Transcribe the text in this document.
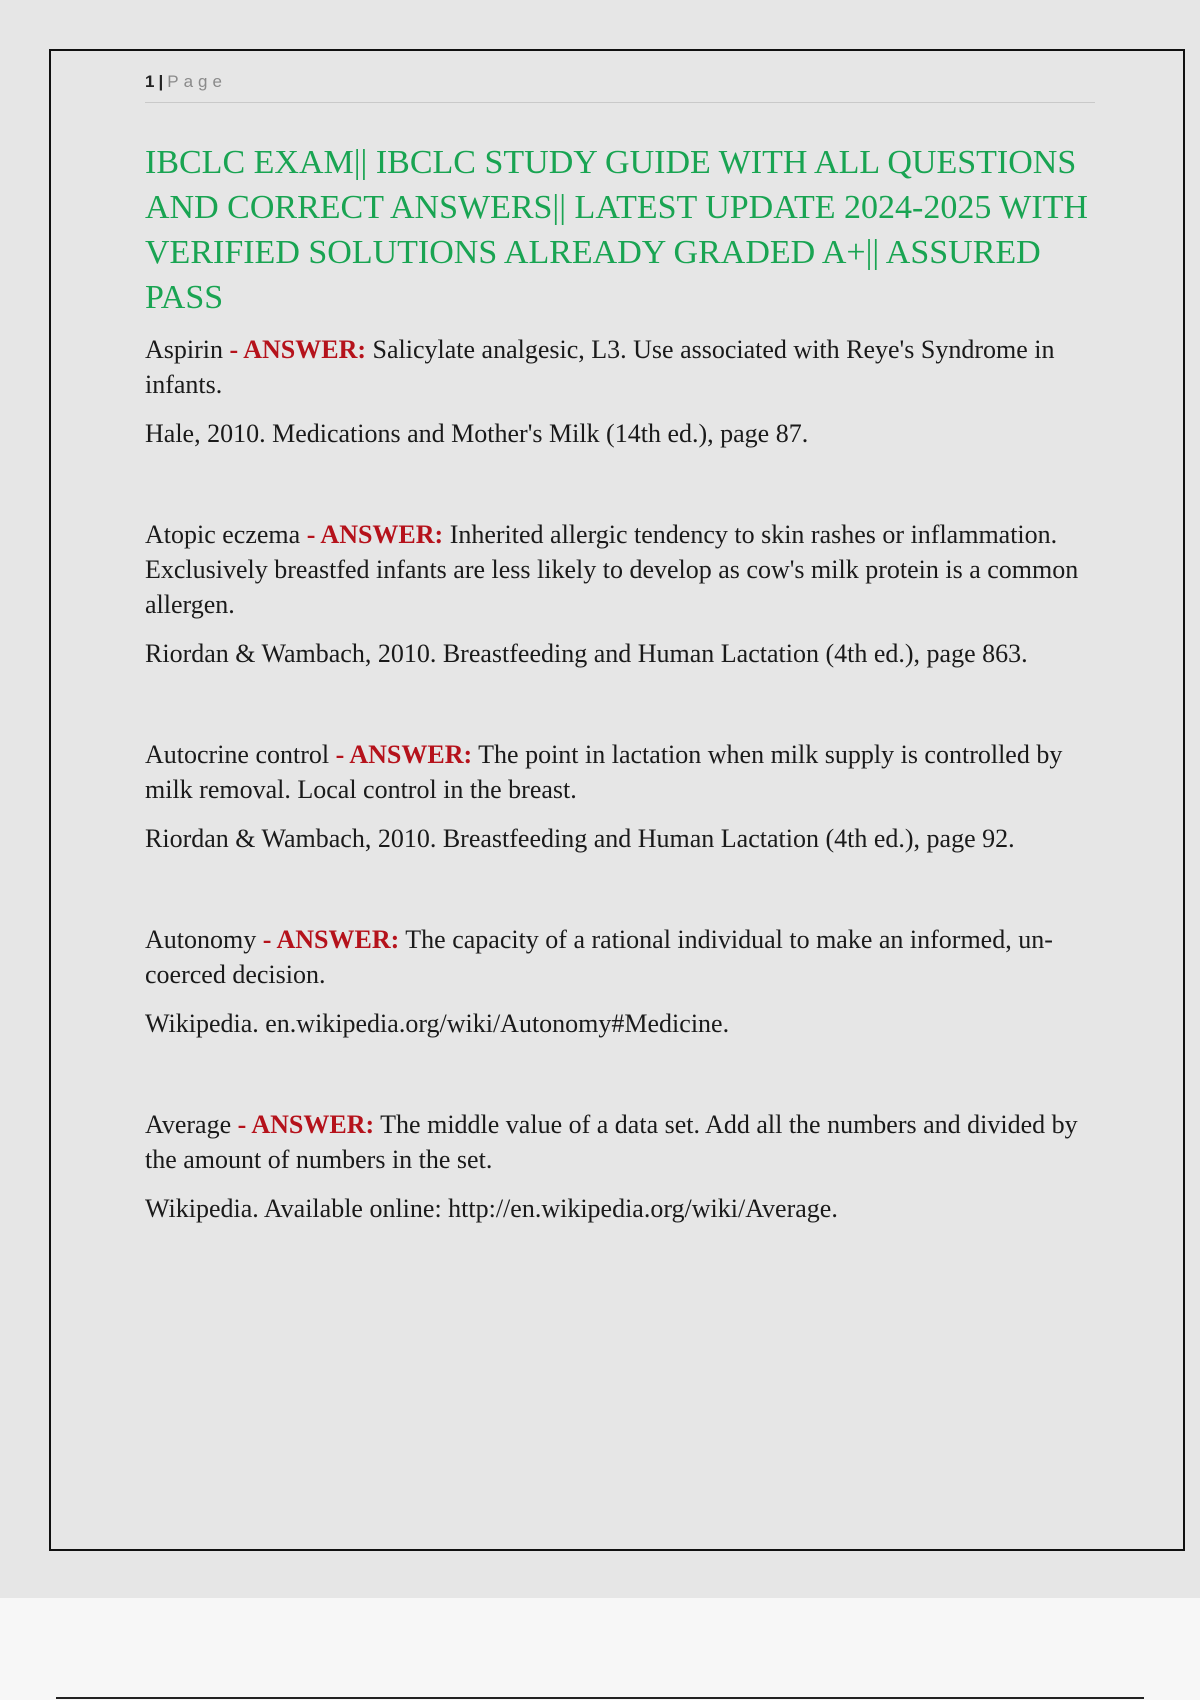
1 | Page
IBCLC EXAM|| IBCLC STUDY GUIDE WITH ALL QUESTIONS AND CORRECT ANSWERS|| LATEST UPDATE 2024-2025 WITH VERIFIED SOLUTIONS ALREADY GRADED A+|| ASSURED PASS

Aspirin - ANSWER: Salicylate analgesic, L3. Use associated with Reye's Syndrome in infants.

Hale, 2010. Medications and Mother's Milk (14th ed.), page 87.

Atopic eczema - ANSWER: Inherited allergic tendency to skin rashes or inflammation. Exclusively breastfed infants are less likely to develop as cow's milk protein is a common allergen.

Riordan & Wambach, 2010. Breastfeeding and Human Lactation (4th ed.), page 863.

Autocrine control - ANSWER: The point in lactation when milk supply is controlled by milk removal. Local control in the breast.

Riordan & Wambach, 2010. Breastfeeding and Human Lactation (4th ed.), page 92.

Autonomy - ANSWER: The capacity of a rational individual to make an informed, un-coerced decision.

Wikipedia. en.wikipedia.org/wiki/Autonomy#Medicine.

Average - ANSWER: The middle value of a data set. Add all the numbers and divided by the amount of numbers in the set.

Wikipedia. Available online: http://en.wikipedia.org/wiki/Average.
